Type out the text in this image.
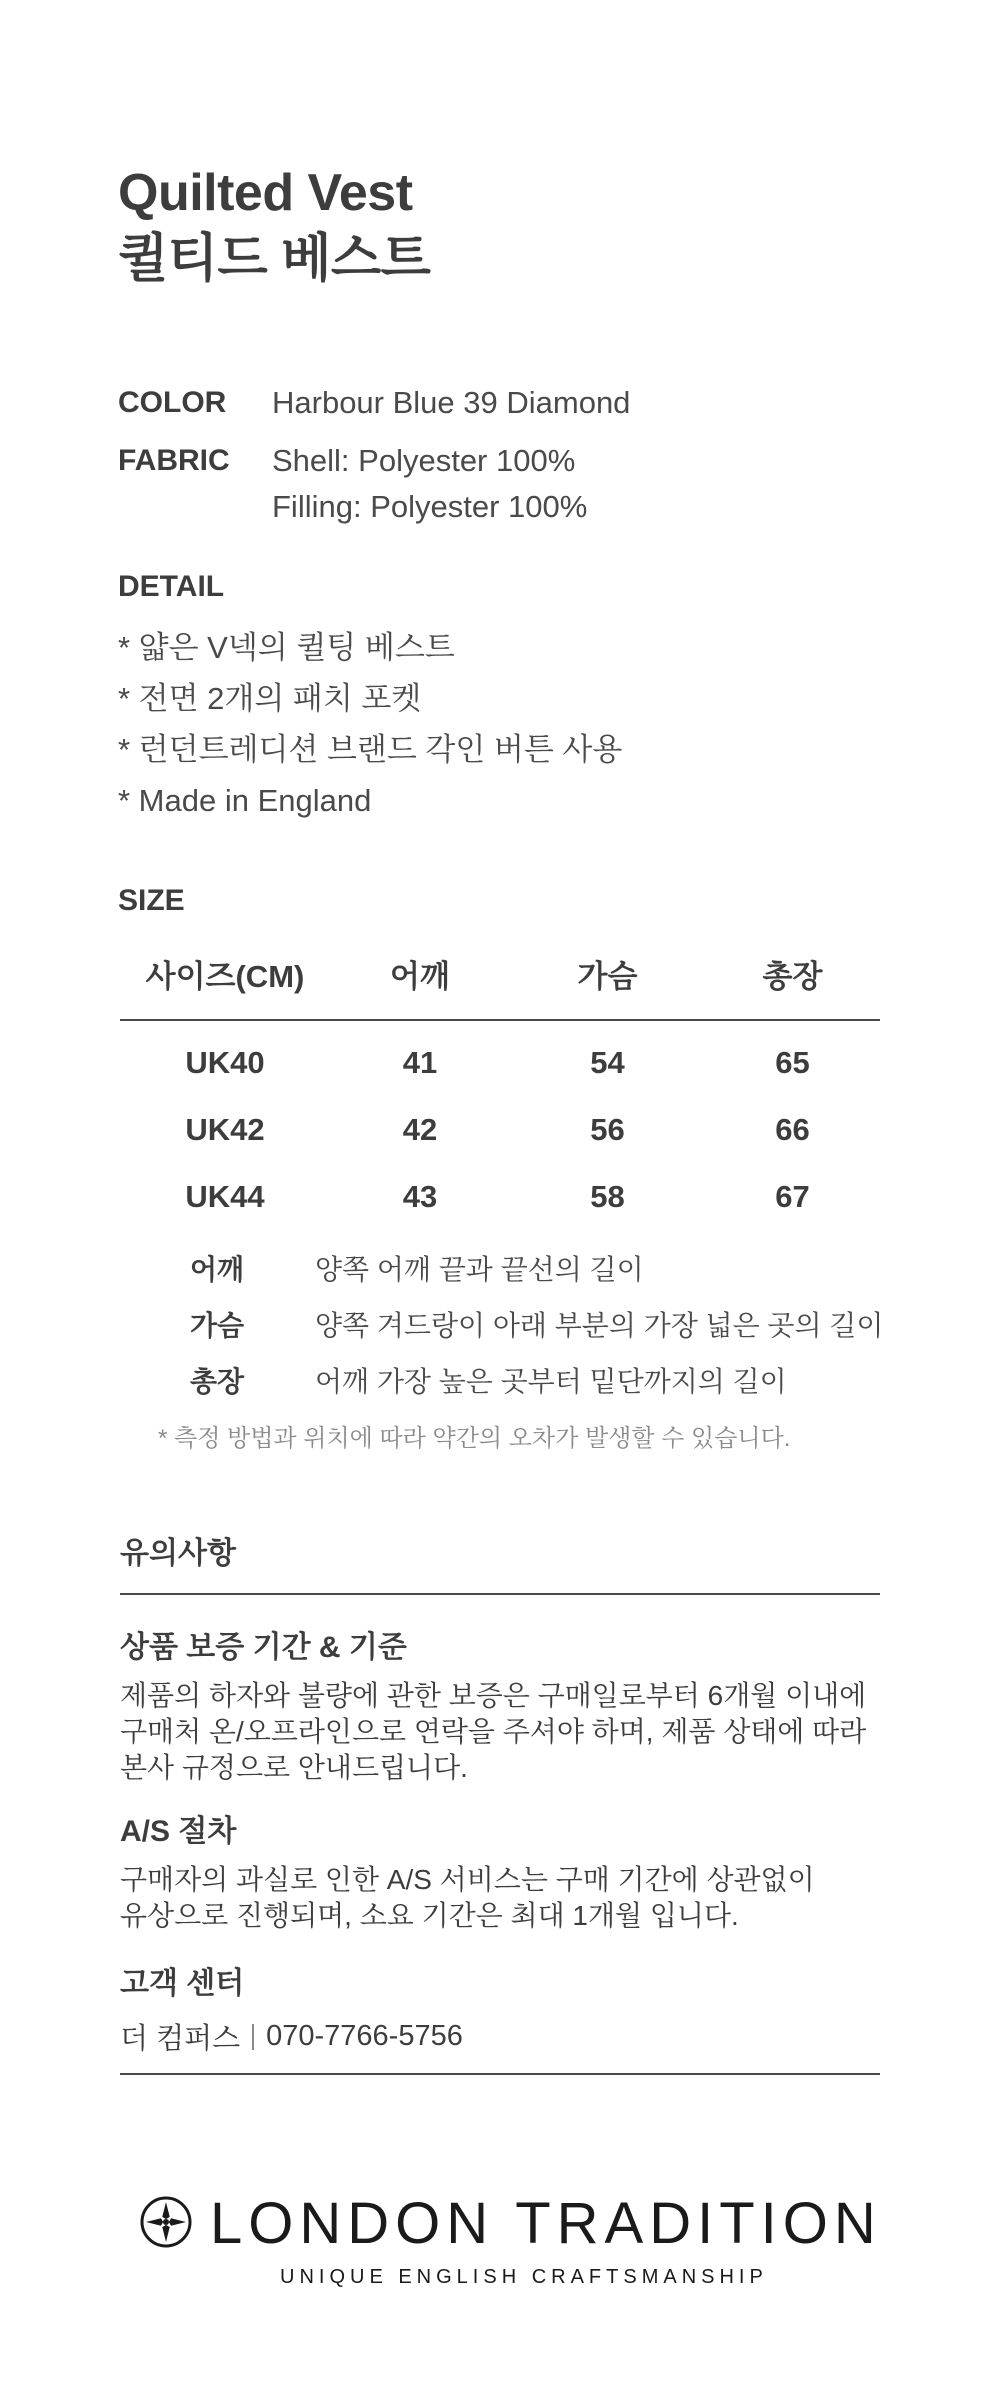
Quilted Vest
퀼티드 베스트
COLOR Harbour Blue 39 Diamond
FABRIC Shell: Polyester 100%
Filling: Polyester 100%
DETAIL
* 얇은 V넥의 퀼팅 베스트
* 전면 2개의 패치 포켓
* 런던트레디션 브랜드 각인 버튼 사용
* Made in England
SIZE
사이즈(CM)	어깨	가슴	총장

UK40	41	54	65
UK42	42	56	66
UK44	43	58	67
어깨	양쪽 어깨 끝과 끝선의 길이
가슴	양쪽 겨드랑이 아래 부분의 가장 넓은 곳의 길이
총장	어깨 가장 높은 곳부터 밑단까지의 길이
* 측정 방법과 위치에 따라 약간의 오차가 발생할 수 있습니다.
유의사항
상품 보증 기간 & 기준
제품의 하자와 불량에 관한 보증은 구매일로부터 6개월 이내에
구매처 온/오프라인으로 연락을 주셔야 하며, 제품 상태에 따라
본사 규정으로 안내드립니다.
A/S 절차
구매자의 과실로 인한 A/S 서비스는 구매 기간에 상관없이
유상으로 진행되며, 소요 기간은 최대 1개월 입니다.
고객 센터
더 컴퍼스 070-7766-5756
LONDON TRADITION
UNIQUE ENGLISH CRAFTSMANSHIP
